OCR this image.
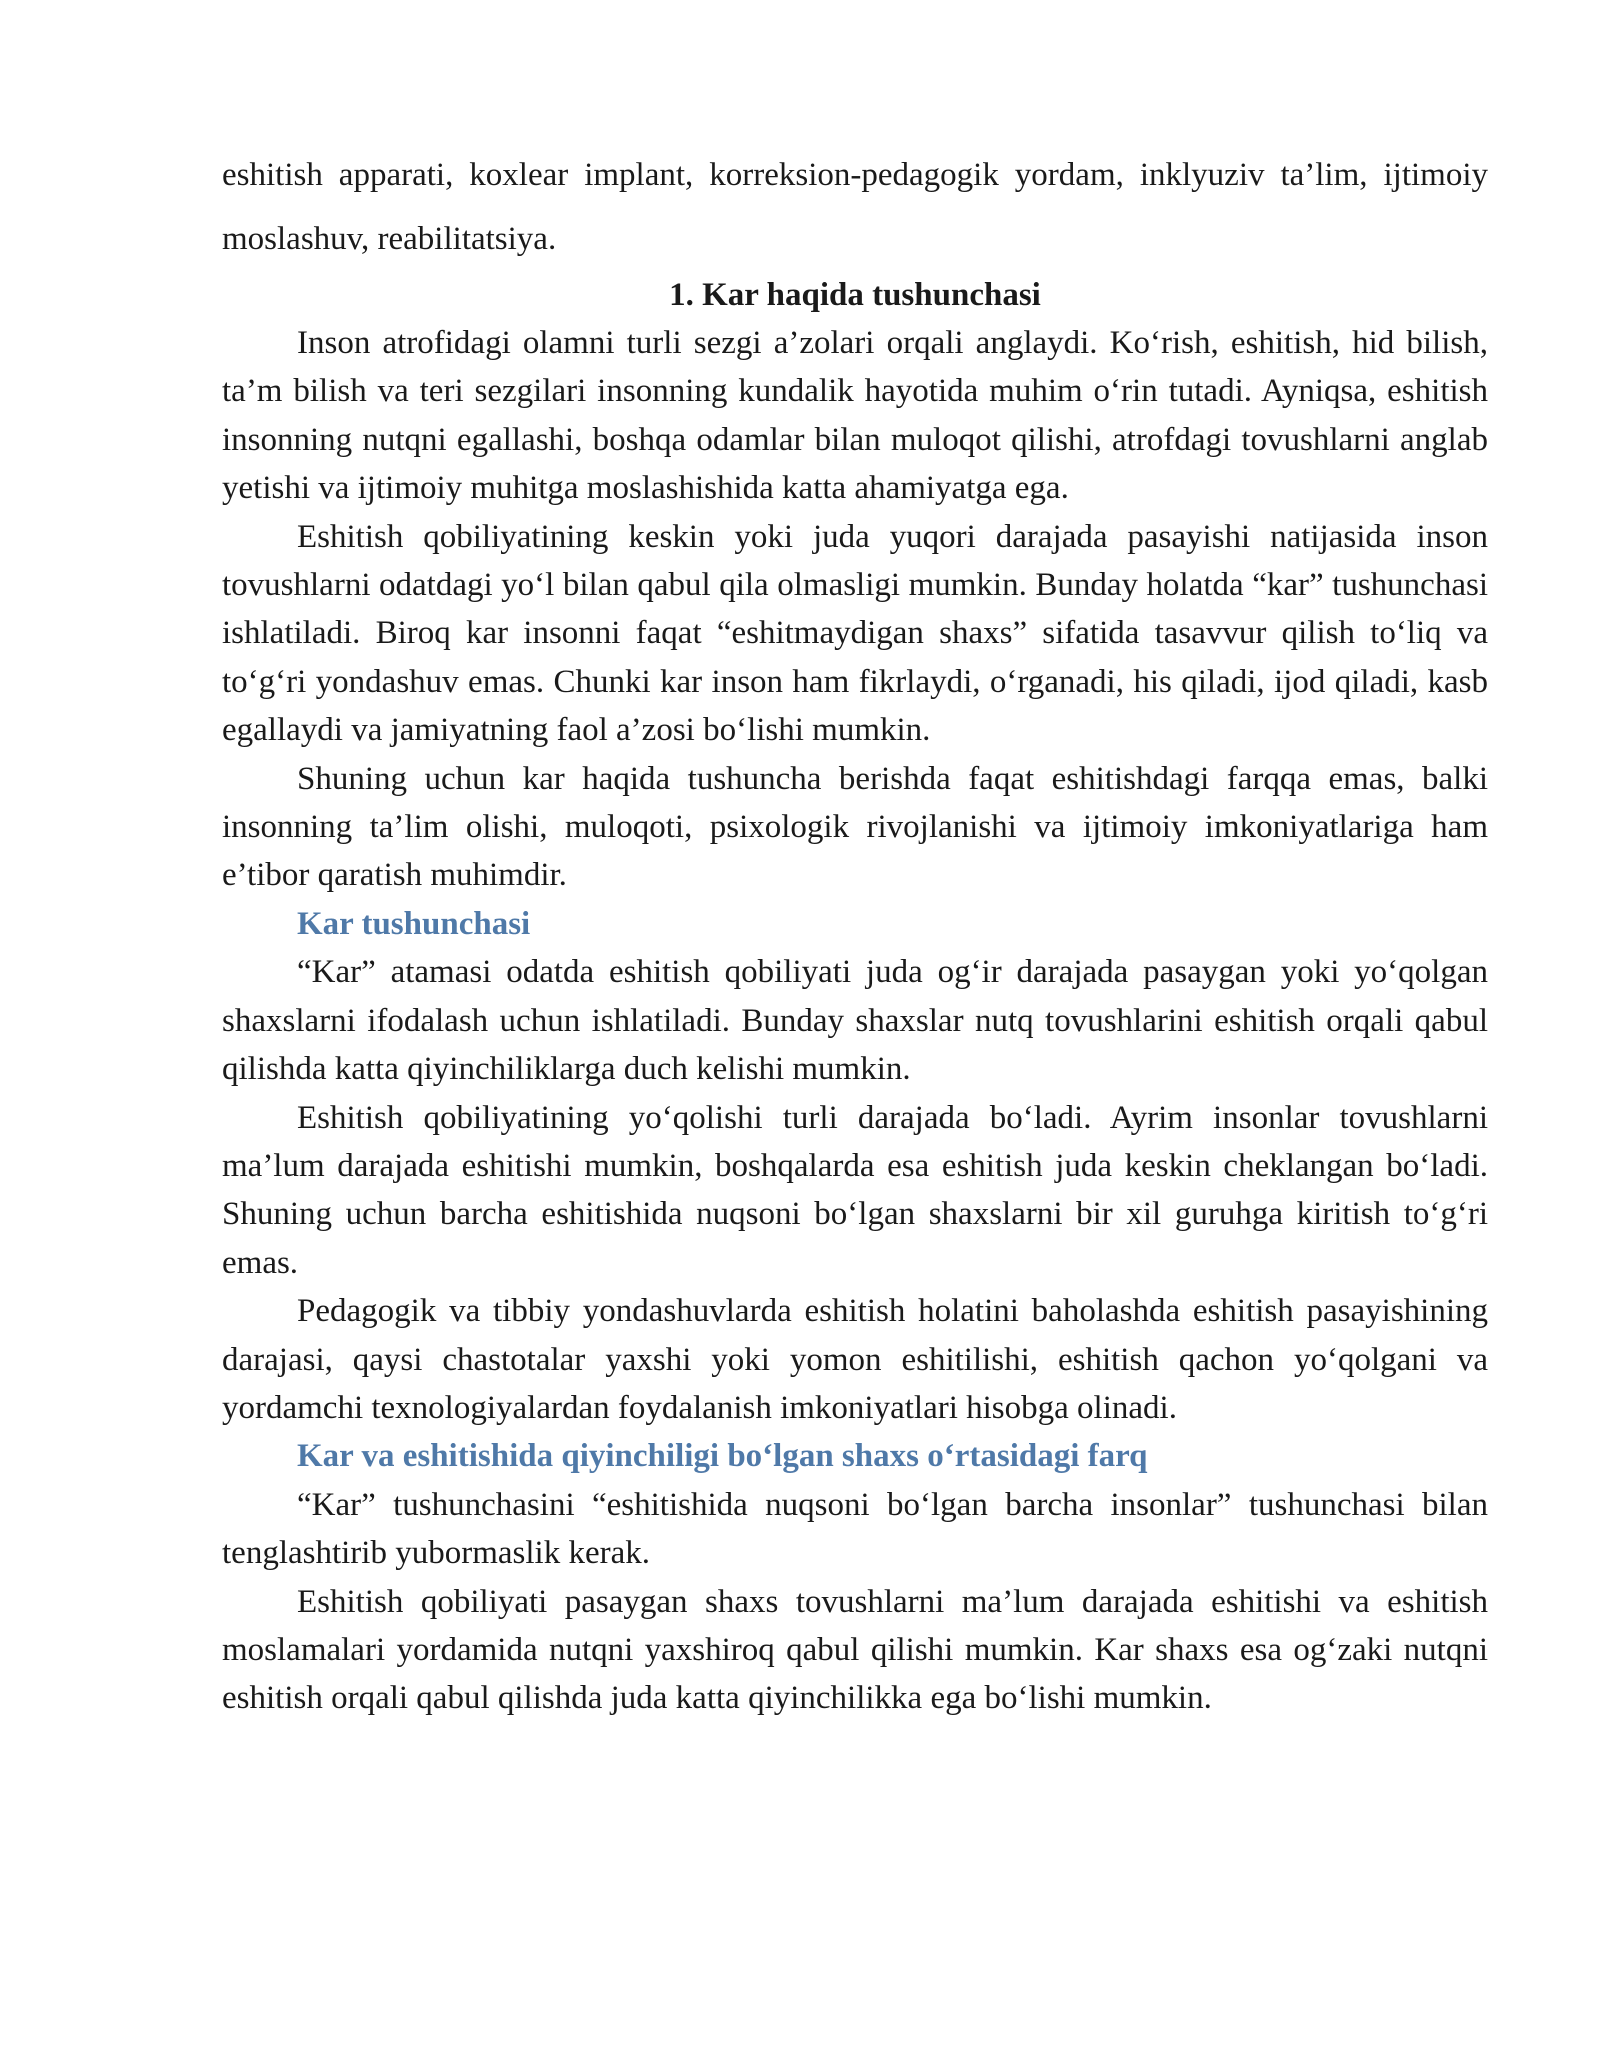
eshitish apparati, koxlear implant, korreksion-pedagogik yordam, inklyuziv ta’lim, ijtimoiy moslashuv, reabilitatsiya.

1. Kar haqida tushunchasi

Inson atrofidagi olamni turli sezgi a’zolari orqali anglaydi. Koʻrish, eshitish, hid bilish, ta’m bilish va teri sezgilari insonning kundalik hayotida muhim oʻrin tutadi. Ayniqsa, eshitish insonning nutqni egallashi, boshqa odamlar bilan muloqot qilishi, atrofdagi tovushlarni anglab yetishi va ijtimoiy muhitga moslashishida katta ahamiyatga ega.

Eshitish qobiliyatining keskin yoki juda yuqori darajada pasayishi natijasida inson tovushlarni odatdagi yoʻl bilan qabul qila olmasligi mumkin. Bunday holatda “kar” tushunchasi ishlatiladi. Biroq kar insonni faqat “eshitmaydigan shaxs” sifatida tasavvur qilish toʻliq va toʻgʻri yondashuv emas. Chunki kar inson ham fikrlaydi, oʻrganadi, his qiladi, ijod qiladi, kasb egallaydi va jamiyatning faol a’zosi boʻlishi mumkin.

Shuning uchun kar haqida tushuncha berishda faqat eshitishdagi farqqa emas, balki insonning ta’lim olishi, muloqoti, psixologik rivojlanishi va ijtimoiy imkoniyatlariga ham e’tibor qaratish muhimdir.

Kar tushunchasi

“Kar” atamasi odatda eshitish qobiliyati juda ogʻir darajada pasaygan yoki yoʻqolgan shaxslarni ifodalash uchun ishlatiladi. Bunday shaxslar nutq tovushlarini eshitish orqali qabul qilishda katta qiyinchiliklarga duch kelishi mumkin.

Eshitish qobiliyatining yoʻqolishi turli darajada boʻladi. Ayrim insonlar tovushlarni ma’lum darajada eshitishi mumkin, boshqalarda esa eshitish juda keskin cheklangan boʻladi. Shuning uchun barcha eshitishida nuqsoni boʻlgan shaxslarni bir xil guruhga kiritish toʻgʻri emas.

Pedagogik va tibbiy yondashuvlarda eshitish holatini baholashda eshitish pasayishining darajasi, qaysi chastotalar yaxshi yoki yomon eshitilishi, eshitish qachon yoʻqolgani va yordamchi texnologiyalardan foydalanish imkoniyatlari hisobga olinadi.

Kar va eshitishida qiyinchiligi boʻlgan shaxs oʻrtasidagi farq

“Kar” tushunchasini “eshitishida nuqsoni boʻlgan barcha insonlar” tushunchasi bilan tenglashtirib yubormaslik kerak.

Eshitish qobiliyati pasaygan shaxs tovushlarni ma’lum darajada eshitishi va eshitish moslamalari yordamida nutqni yaxshiroq qabul qilishi mumkin. Kar shaxs esa ogʻzaki nutqni eshitish orqali qabul qilishda juda katta qiyinchilikka ega boʻlishi mumkin.
